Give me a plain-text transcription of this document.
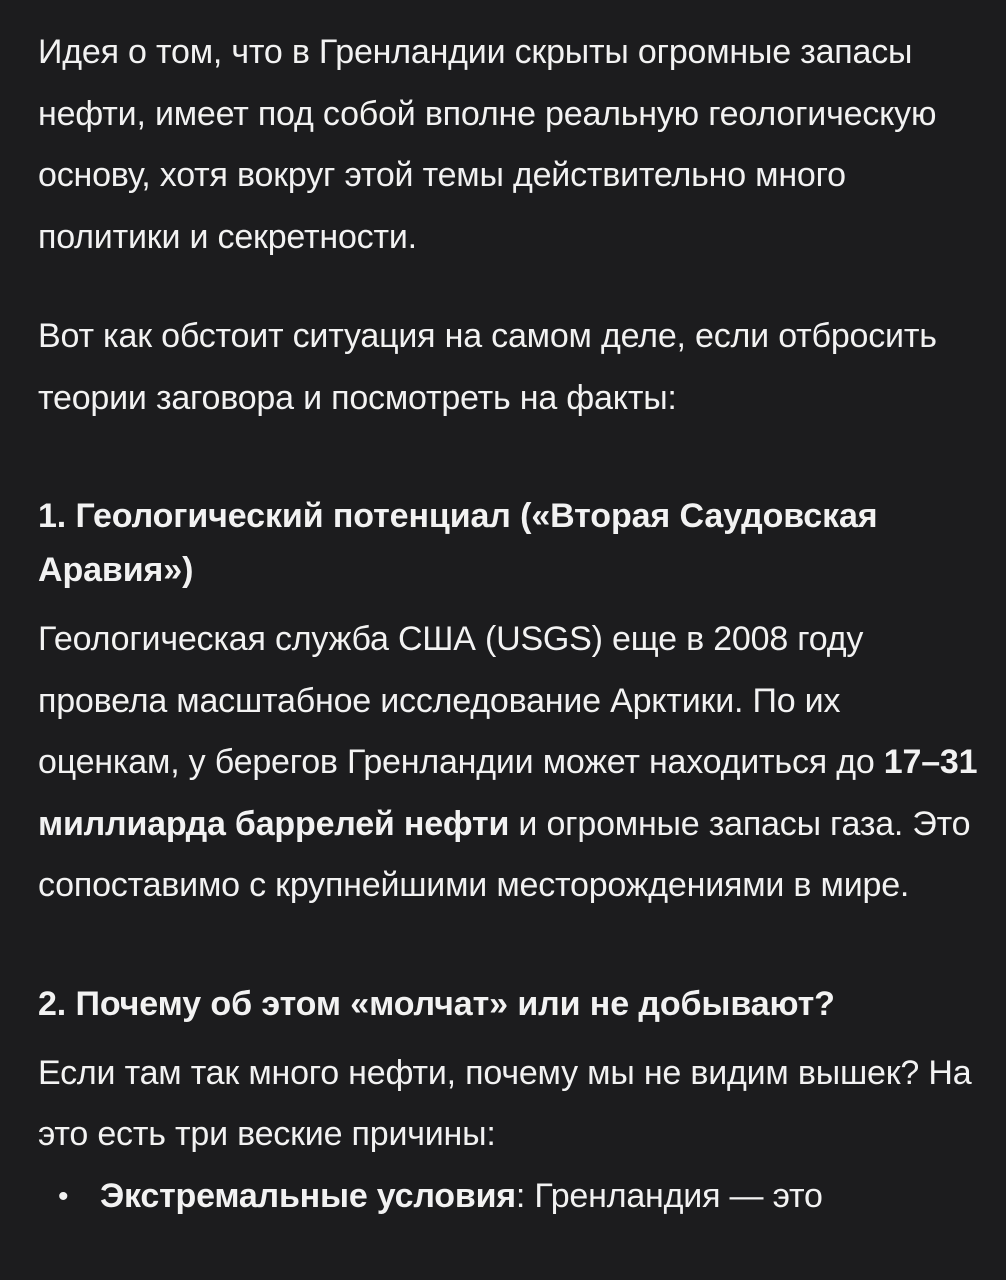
Идея о том, что в Гренландии скрыты огромные запасы нефти, имеет под собой вполне реальную геологическую основу, хотя вокруг этой темы действительно много политики и секретности.

Вот как обстоит ситуация на самом деле, если отбросить теории заговора и посмотреть на факты:

1. Геологический потенциал («Вторая Саудовская Аравия»)

Геологическая служба США (USGS) еще в 2008 году провела масштабное исследование Арктики. По их оценкам, у берегов Гренландии может находиться до 17–31 миллиарда баррелей нефти и огромные запасы газа. Это сопоставимо с крупнейшими месторождениями в мире.

2. Почему об этом «молчат» или не добывают?

Если там так много нефти, почему мы не видим вышек? На это есть три веские причины:

• Экстремальные условия: Гренландия — это
